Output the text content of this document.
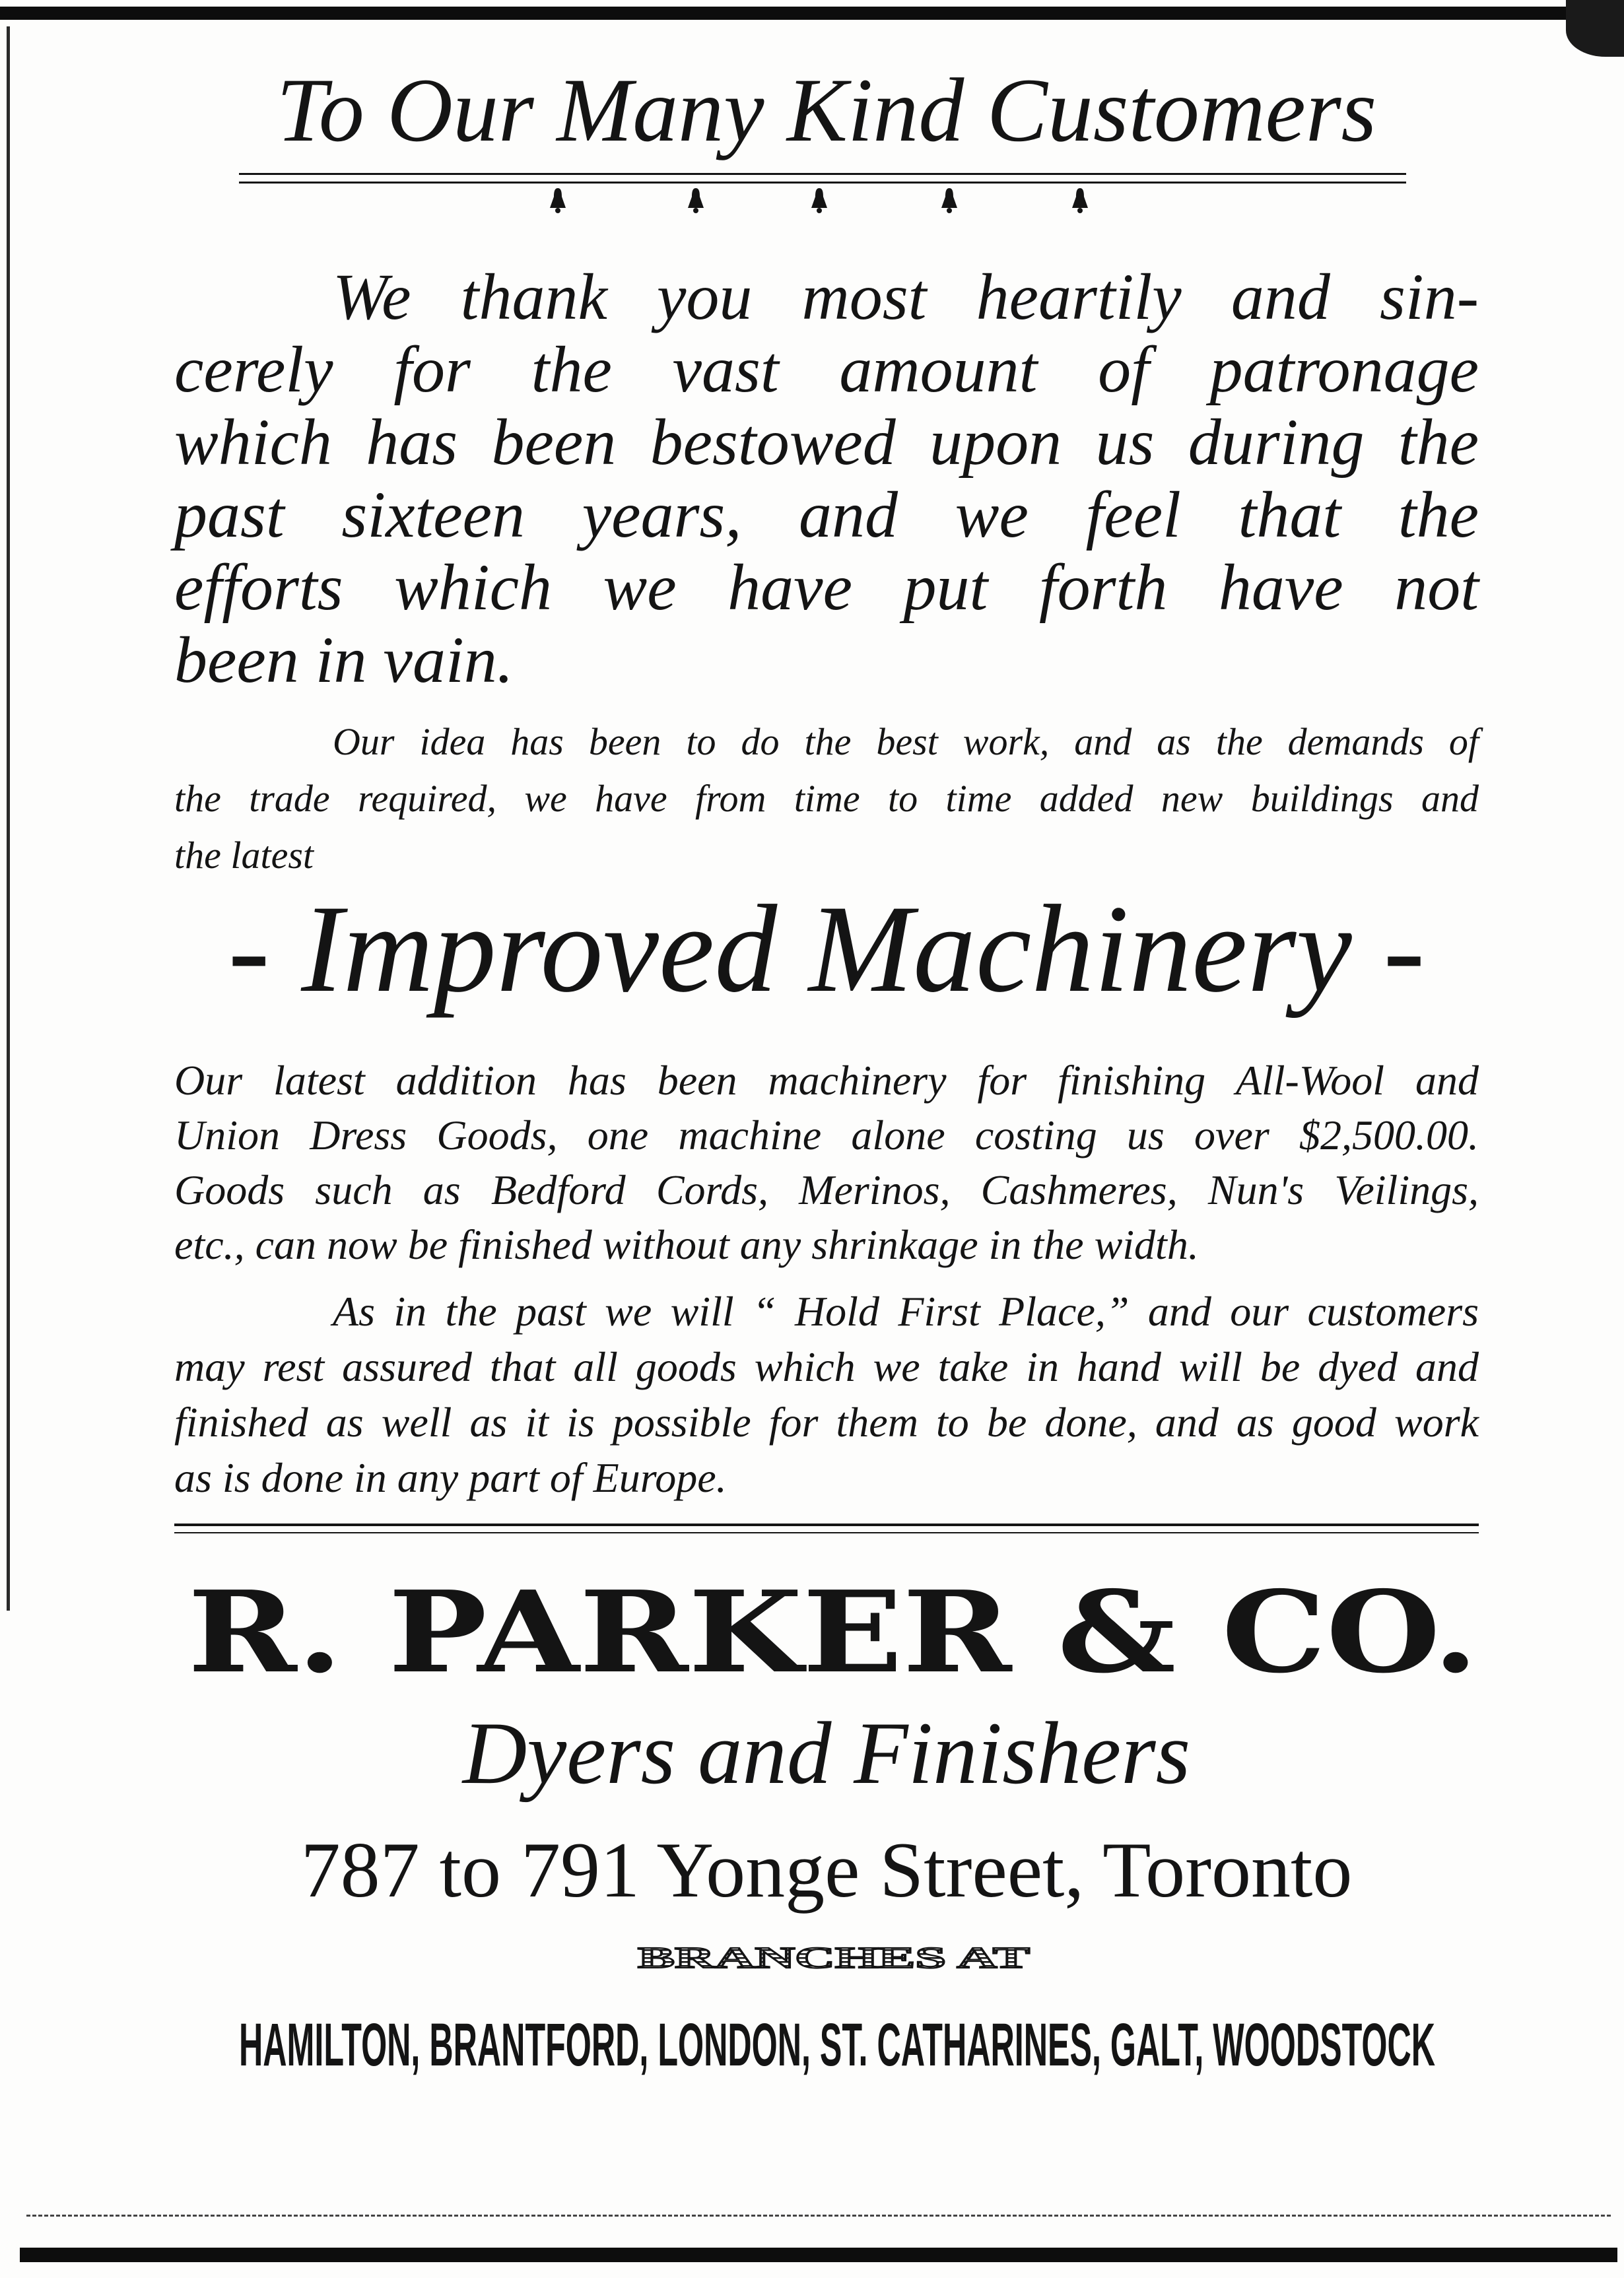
To Our Many Kind Customers
We thank you most heartily and sin-
cerely for the vast amount of patronage
which has been bestowed upon us during the
past sixteen years, and we feel that the
efforts which we have put forth have not
been in vain.
Our idea has been to do the best work, and as the demands of
the trade required, we have from time to time added new buildings and
the latest
- Improved Machinery -
Our latest addition has been machinery for finishing All-Wool and
Union Dress Goods, one machine alone costing us over $2,500.00.
Goods such as Bedford Cords, Merinos, Cashmeres, Nun's Veilings,
etc., can now be finished without any shrinkage in the width.
As in the past we will “ Hold First Place,” and our customers
may rest assured that all goods which we take in hand will be dyed and
finished as well as it is possible for them to be done, and as good work
as is done in any part of Europe.
R. PARKER & CO.
Dyers and Finishers
787 to 791 Yonge Street, Toronto
BRANCHES AT
HAMILTON, BRANTFORD, LONDON, ST. CATHARINES, GALT, WOODSTOCK
